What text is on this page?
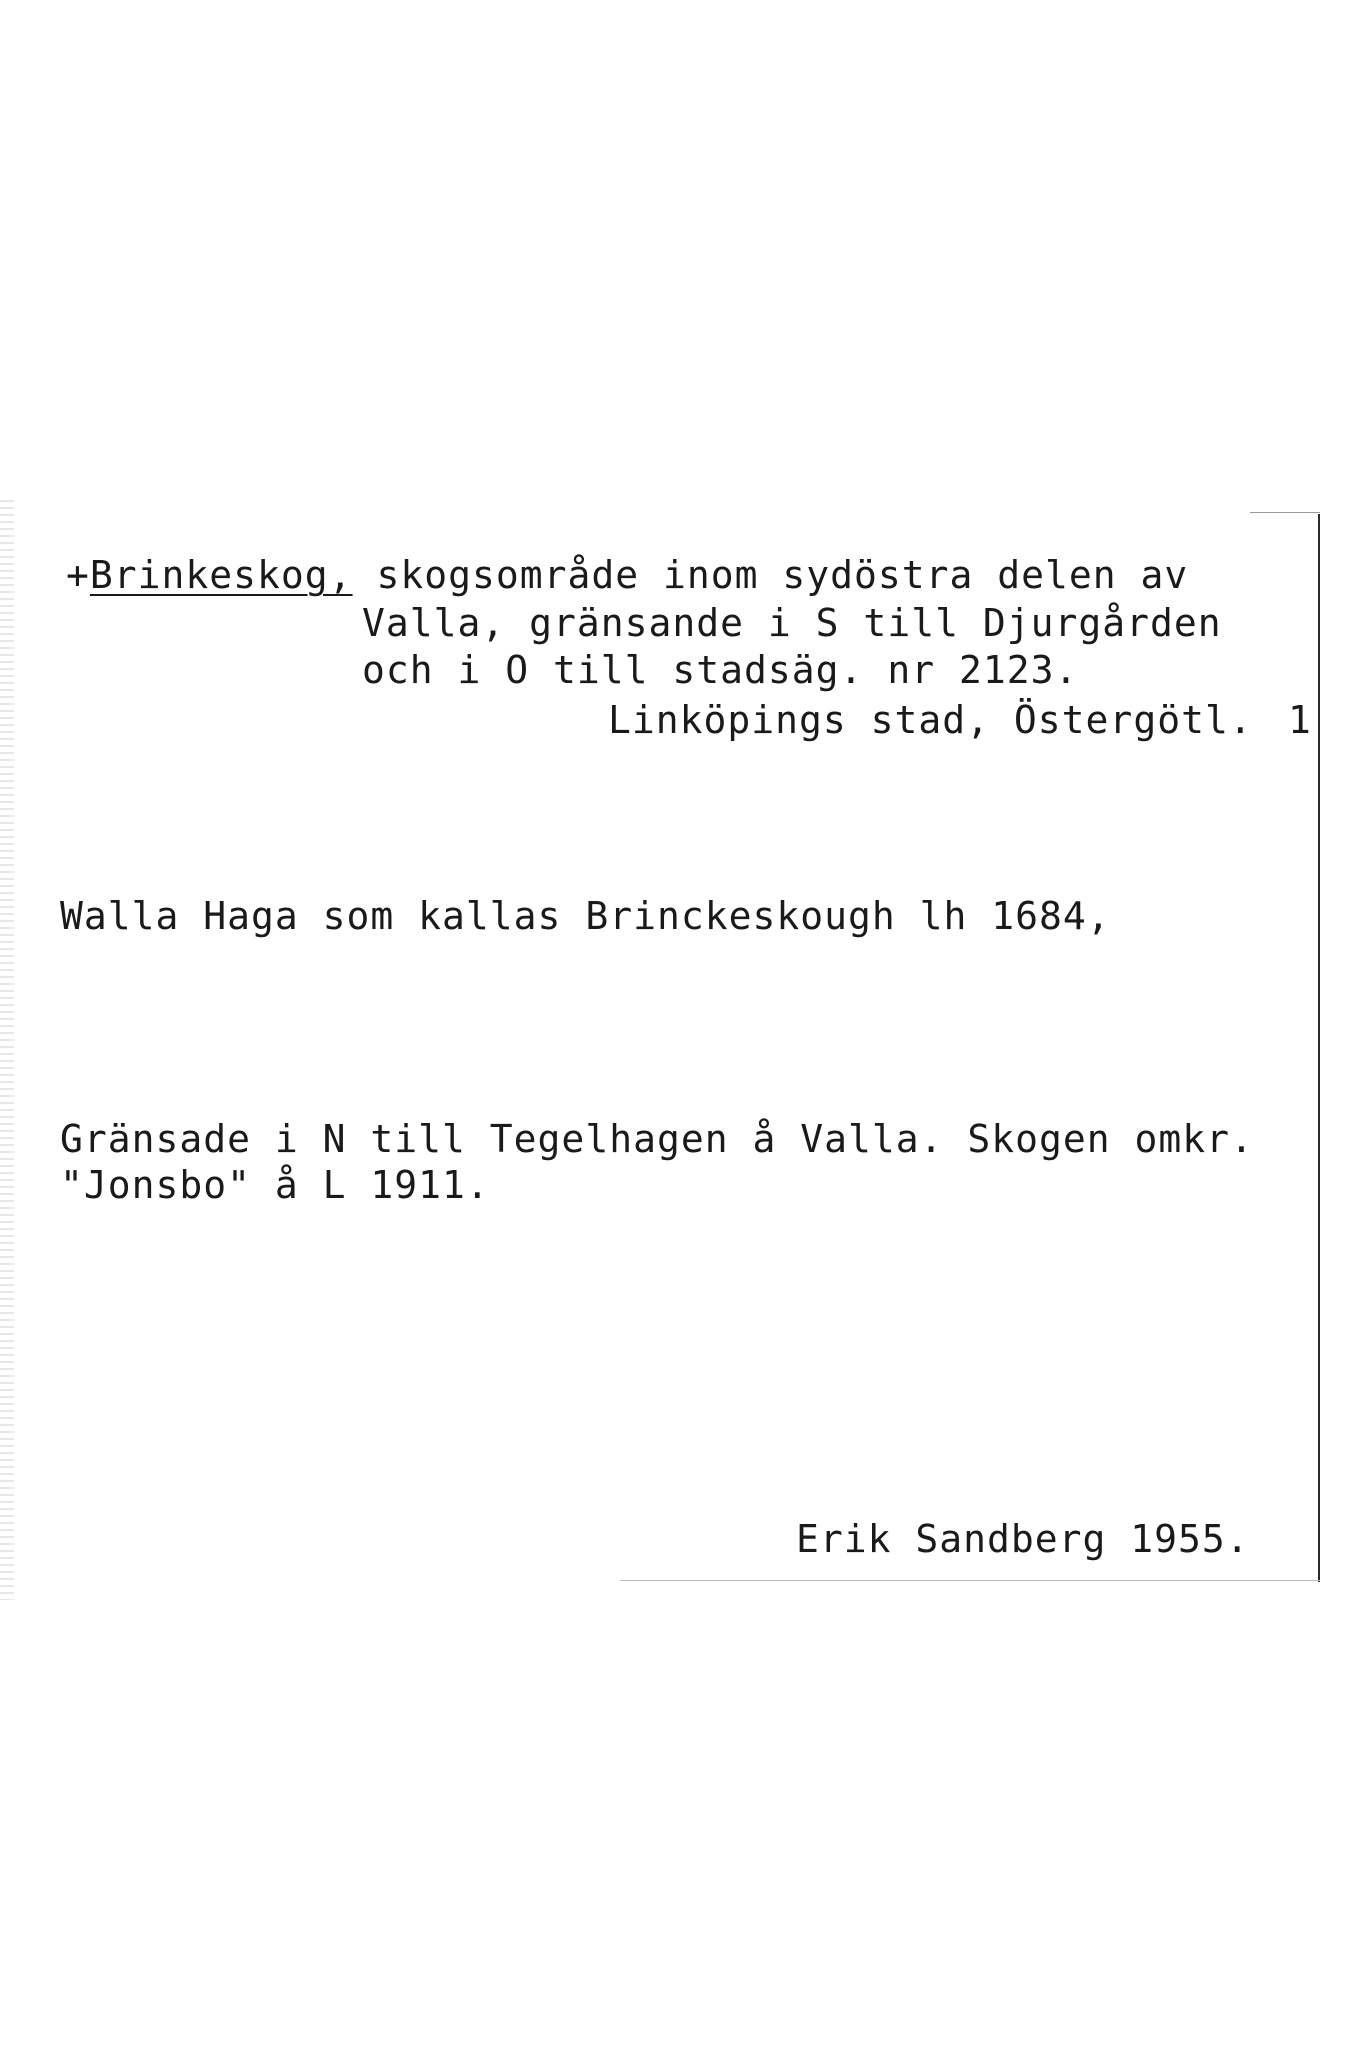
+Brinkeskog, skogsområde inom sydöstra delen av
Valla, gränsande i S till Djurgården
och i O till stadsäg. nr 2123.
Linköpings stad, Östergötl. 1
Walla Haga som kallas Brinckeskough lh 1684,
Gränsade i N till Tegelhagen å Valla. Skogen omkr.
"Jonsbo" å L 1911.
Erik Sandberg 1955.
